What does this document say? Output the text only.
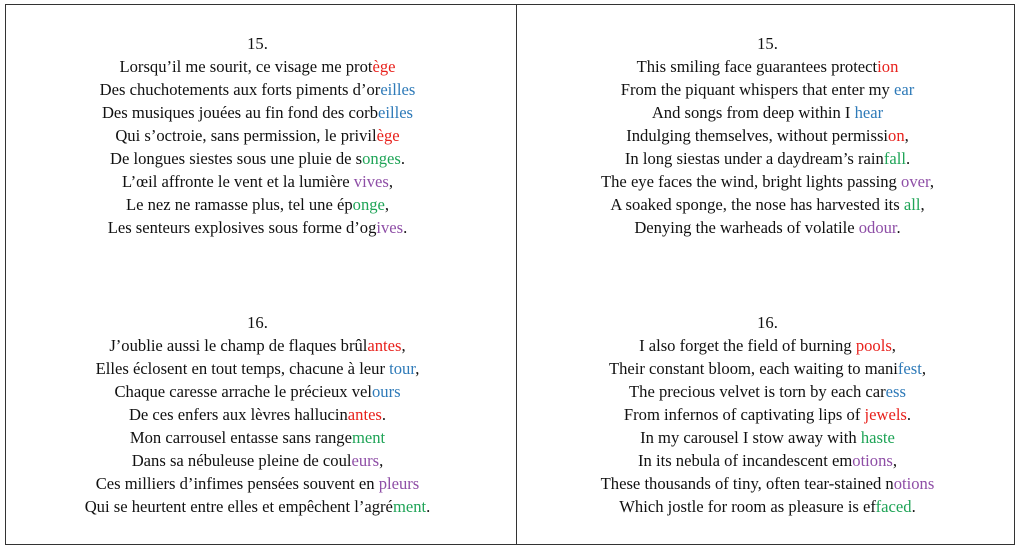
15.
Lorsqu’il me sourit, ce visage me protège
Des chuchotements aux forts piments d’oreilles
Des musiques jouées au fin fond des corbeilles
Qui s’octroie, sans permission, le privilège
De longues siestes sous une pluie de songes.
L’œil affronte le vent et la lumière vives,
Le nez ne ramasse plus, tel une éponge,
Les senteurs explosives sous forme d’ogives.
15.
This smiling face guarantees protection
From the piquant whispers that enter my ear
And songs from deep within I hear
Indulging themselves, without permission,
In long siestas under a daydream’s rainfall.
The eye faces the wind, bright lights passing over,
A soaked sponge, the nose has harvested its all,
Denying the warheads of volatile odour.
16.
J’oublie aussi le champ de flaques brûlantes,
Elles éclosent en tout temps, chacune à leur tour,
Chaque caresse arrache le précieux velours
De ces enfers aux lèvres hallucinantes.
Mon carrousel entasse sans rangement
Dans sa nébuleuse pleine de couleurs,
Ces milliers d’infimes pensées souvent en pleurs
Qui se heurtent entre elles et empêchent l’agrément.
16.
I also forget the field of burning pools,
Their constant bloom, each waiting to manifest,
The precious velvet is torn by each caress
From infernos of captivating lips of jewels.
In my carousel I stow away with haste
In its nebula of incandescent emotions,
These thousands of tiny, often tear-stained notions
Which jostle for room as pleasure is effaced.
